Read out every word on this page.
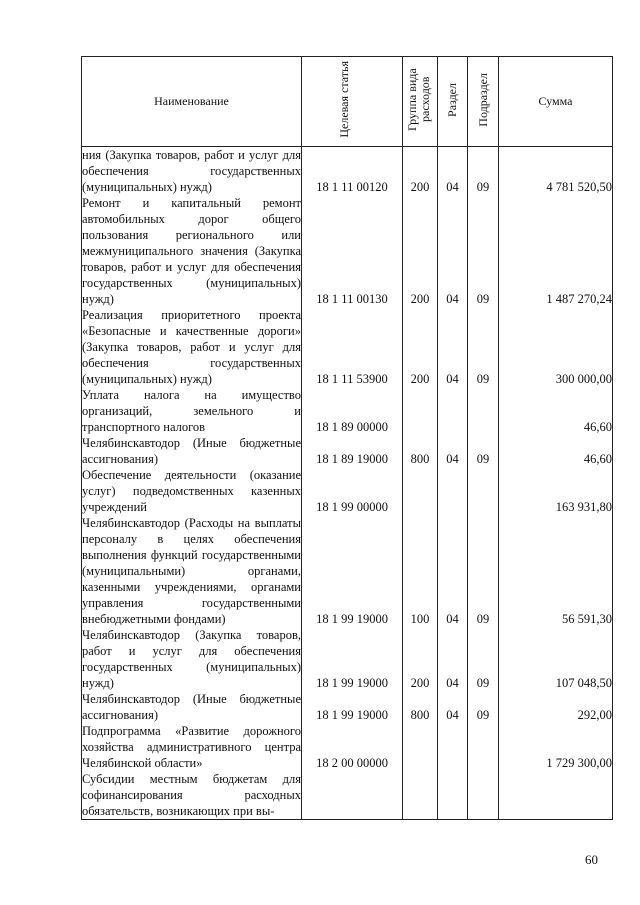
Наименование	Целевая статья	Группа вида расходов	Раздел	Подраздел	Сумма
ния (Закупка товаров, работ и услуг для обеспечения государственных (муниципальных) нужд)	18 1 11 00120	200	04	09	4 781 520,50
Ремонт и капитальный ремонт автомобильных дорог общего пользования регионального или межмуниципального значения (Закупка товаров, работ и услуг для обеспечения государственных (муниципальных) нужд)	18 1 11 00130	200	04	09	1 487 270,24
Реализация приоритетного проекта «Безопасные и качественные дороги» (Закупка товаров, работ и услуг для обеспечения государственных (муниципальных) нужд)	18 1 11 53900	200	04	09	300 000,00
Уплата налога на имущество организаций, земельного и транспортного налогов	18 1 89 00000				46,60
Челябинскавтодор (Иные бюджетные ассигнования)	18 1 89 19000	800	04	09	46,60
Обеспечение деятельности (оказание услуг) подведомственных казенных учреждений	18 1 99 00000				163 931,80
Челябинскавтодор (Расходы на выплаты персоналу в целях обеспечения выполнения функций государственными (муниципальными) органами, казенными учреждениями, органами управления государственными внебюджетными фондами)	18 1 99 19000	100	04	09	56 591,30
Челябинскавтодор (Закупка товаров, работ и услуг для обеспечения государственных (муниципальных) нужд)	18 1 99 19000	200	04	09	107 048,50
Челябинскавтодор (Иные бюджетные ассигнования)	18 1 99 19000	800	04	09	292,00
Подпрограмма «Развитие дорожного хозяйства административного центра Челябинской области»	18 2 00 00000				1 729 300,00
Субсидии местным бюджетам для софинансирования расходных обязательств, возникающих при вы-					
60
